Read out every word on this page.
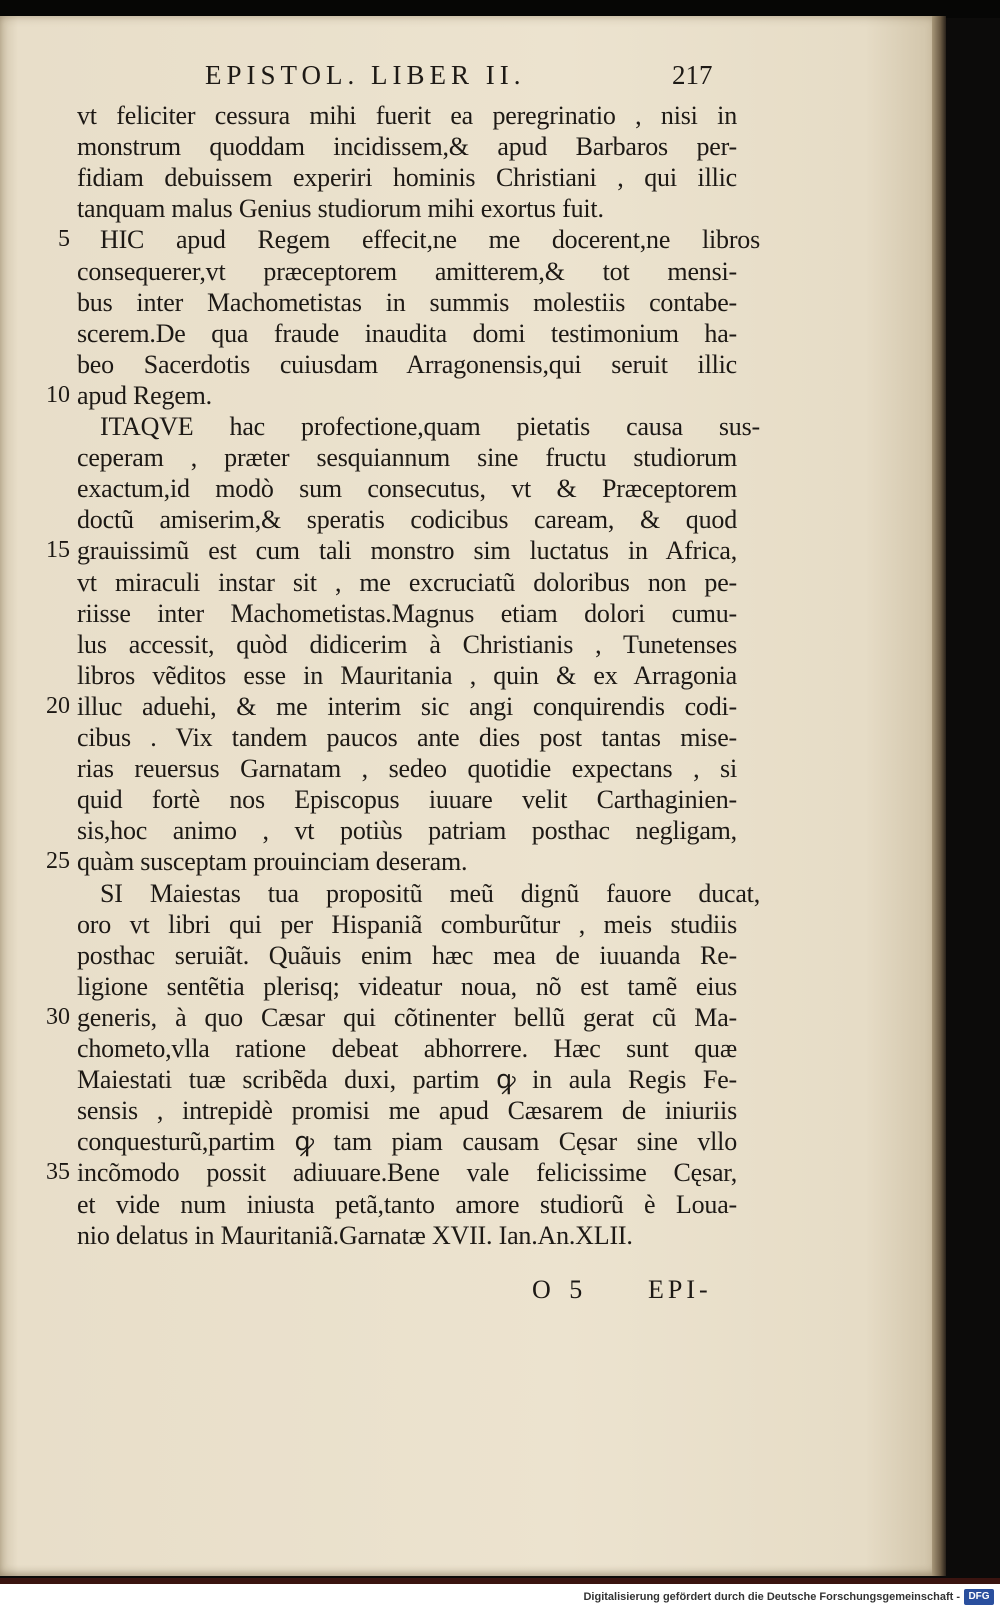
EPISTOL. LIBER II.	217
vt feliciter cessura mihi fuerit ea peregrinatio , nisi in
monstrum quoddam incidissem,& apud Barbaros per-
fidiam debuissem experiri hominis Christiani , qui illic
tanquam malus Genius studiorum mihi exortus fuit.
HIC apud Regem effecit,ne me docerent,ne libros
5
consequerer,vt præceptorem amitterem,& tot mensi-
bus inter Machometistas in summis molestiis contabe-
scerem.De qua fraude inaudita domi testimonium ha-
beo Sacerdotis cuiusdam Arragonensis,qui seruit illic
apud Regem.
10
ITAQVE hac profectione,quam pietatis causa sus-
ceperam , præter sesquiannum sine fructu studiorum
exactum,id modò sum consecutus, vt & Præceptorem
doctũ amiserim,& speratis codicibus caream, & quod
grauissimũ est cum tali monstro sim luctatus in Africa,
15
vt miraculi instar sit , me excruciatũ doloribus non pe-
riisse inter Machometistas.Magnus etiam dolori cumu-
lus accessit, quòd didicerim à Christianis , Tunetenses
libros vẽditos esse in Mauritania , quin & ex Arragonia
illuc aduehi, & me interim sic angi conquirendis codi-
20
cibus . Vix tandem paucos ante dies post tantas mise-
rias reuersus Garnatam , sedeo quotidie expectans , si
quid fortè nos Episcopus iuuare velit Carthaginien-
sis,hoc animo , vt potiùs patriam posthac negligam,
quàm susceptam prouinciam deseram.
25
SI Maiestas tua propositũ meũ dignũ fauore ducat,
oro vt libri qui per Hispaniã comburũtur , meis studiis
posthac seruiãt. Quãuis enim hæc mea de iuuanda Re-
ligione sentẽtia plerisq; videatur noua, nõ est tamẽ eius
generis, à quo Cæsar qui cõtinenter bellũ gerat cũ Ma-
30
chometo,vlla ratione debeat abhorrere. Hæc sunt quæ
Maiestati tuæ scribẽda duxi, partim ꝙ in aula Regis Fe-
sensis , intrepidè promisi me apud Cæsarem de iniuriis
conquesturũ,partim ꝙ tam piam causam Cęsar sine vllo
incõmodo possit adiuuare.Bene vale felicissime Cęsar,
35
et vide num iniusta petã,tanto amore studiorũ è Loua-
nio delatus in Mauritaniã.Garnatæ XVII. Ian.An.XLII.
O 5 EPI-
Digitalisierung gefördert durch die Deutsche Forschungsgemeinschaft - DFG
